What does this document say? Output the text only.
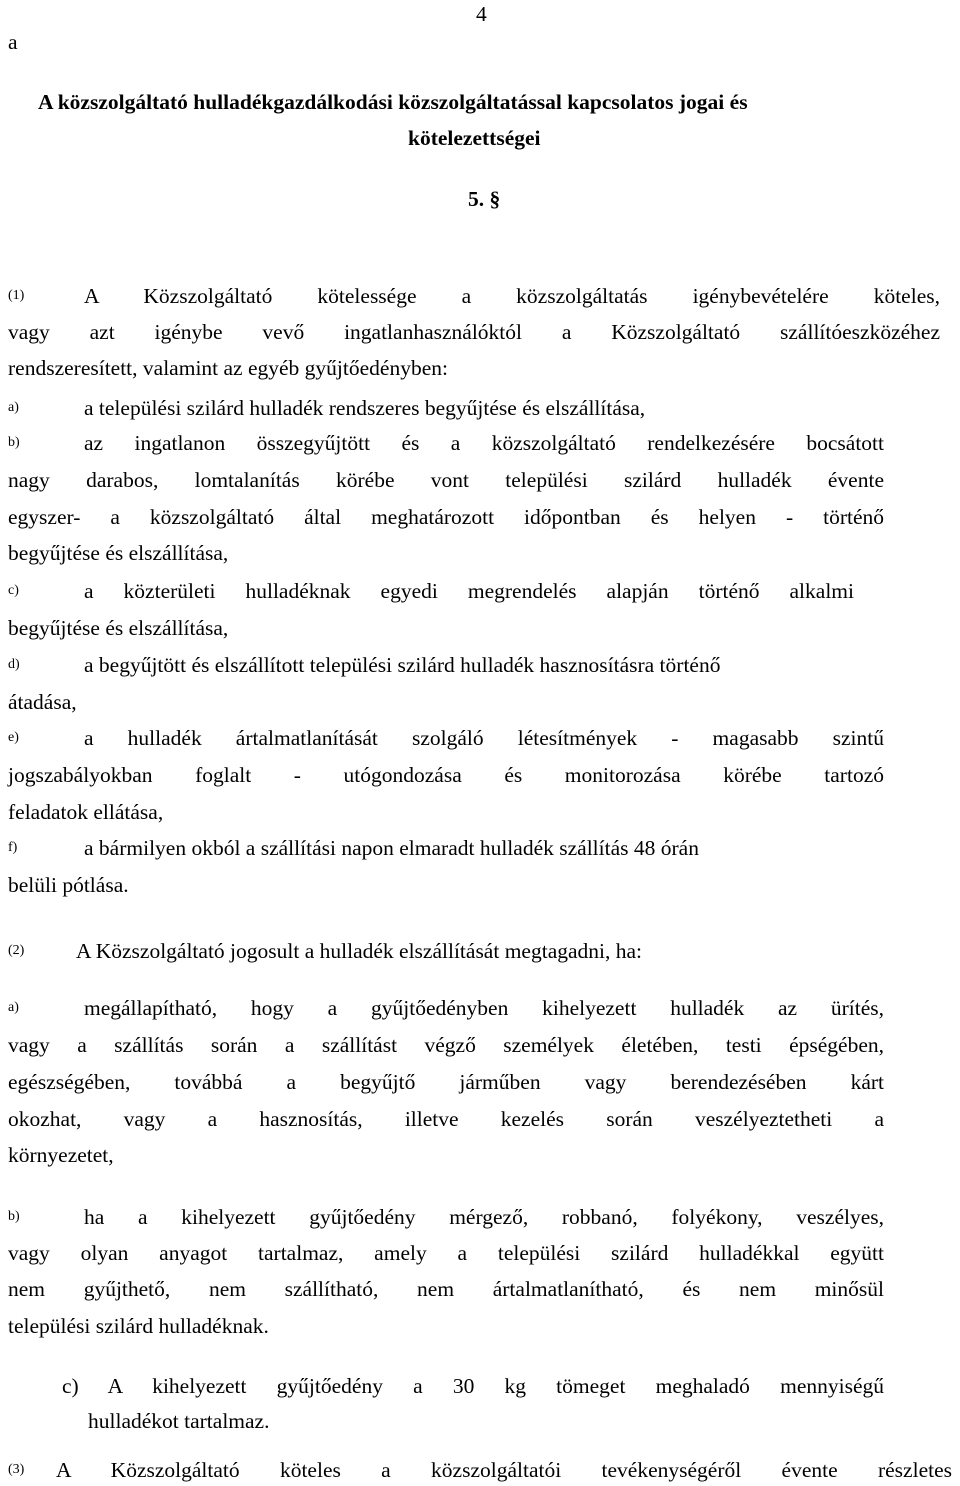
4
a
A közszolgáltató hulladékgazdálkodási közszolgáltatással kapcsolatos jogai és
kötelezettségei
5. §
(1)	A Közszolgáltató kötelessége a közszolgáltatás igénybevételére köteles,
vagy azt igénybe vevő ingatlanhasználóktól a Közszolgáltató szállítóeszközéhez
rendszeresített, valamint az egyéb gyűjtőedényben:
a)	a települési szilárd hulladék rendszeres begyűjtése és elszállítása,
b)	az ingatlanon összegyűjtött és a közszolgáltató rendelkezésére bocsátott
nagy darabos, lomtalanítás körébe vont települési szilárd hulladék évente
egyszer- a közszolgáltató által meghatározott időpontban és helyen - történő
begyűjtése és elszállítása,
c)	a közterületi hulladéknak egyedi megrendelés alapján történő alkalmi
begyűjtése és elszállítása,
d)	a begyűjtött és elszállított települési szilárd hulladék hasznosításra történő
átadása,
e)	a hulladék ártalmatlanítását szolgáló létesítmények - magasabb szintű
jogszabályokban foglalt - utógondozása és monitorozása körébe tartozó
feladatok ellátása,
f)	a bármilyen okból a szállítási napon elmaradt hulladék szállítás 48 órán
belüli pótlása.
(2) A Közszolgáltató jogosult a hulladék elszállítását megtagadni, ha:
a)	megállapítható, hogy a gyűjtőedényben kihelyezett hulladék az ürítés,
vagy a szállítás során a szállítást végző személyek életében, testi épségében,
egészségében, továbbá a begyűjtő járműben vagy berendezésében kárt
okozhat, vagy a hasznosítás, illetve kezelés során veszélyeztetheti a
környezetet,
b)	ha a kihelyezett gyűjtőedény mérgező, robbanó, folyékony, veszélyes,
vagy olyan anyagot tartalmaz, amely a települési szilárd hulladékkal együtt
nem gyűjthető, nem szállítható, nem ártalmatlanítható, és nem minősül
települési szilárd hulladéknak.
c) A kihelyezett gyűjtőedény a 30 kg tömeget meghaladó mennyiségű
hulladékot tartalmaz.
(3) A Közszolgáltató köteles a közszolgáltatói tevékenységéről évente részletes
